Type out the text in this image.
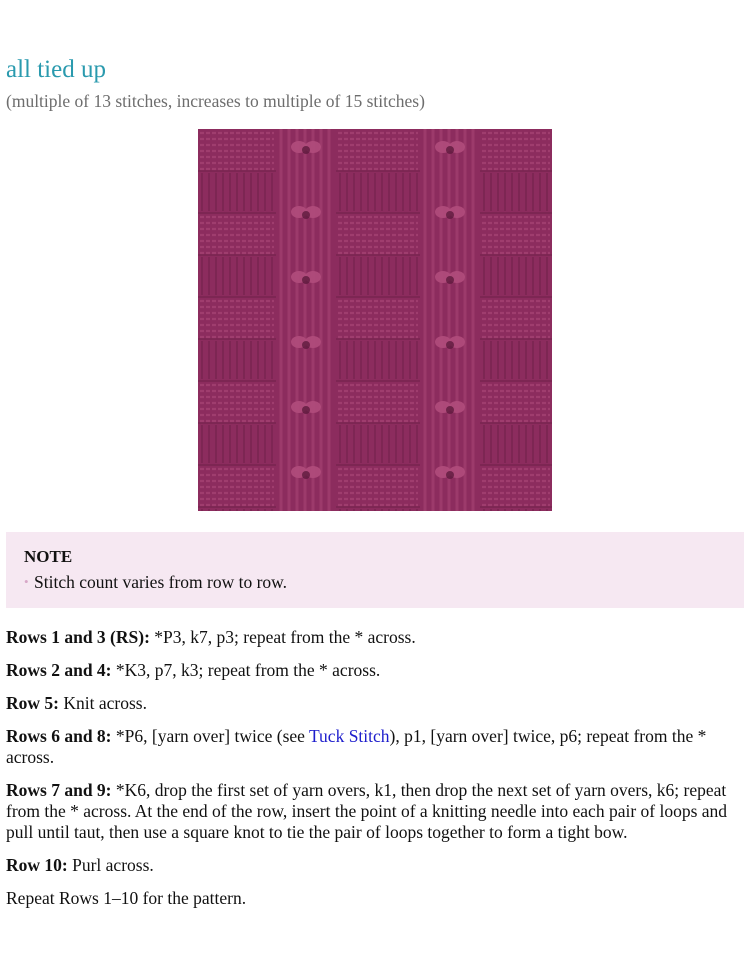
all tied up
(multiple of 13 stitches, increases to multiple of 15 stitches)
NOTE
• Stitch count varies from row to row.

Rows 1 and 3 (RS): *P3, k7, p3; repeat from the * across.

Rows 2 and 4: *K3, p7, k3; repeat from the * across.

Row 5: Knit across.

Rows 6 and 8: *P6, [yarn over] twice (see Tuck Stitch), p1, [yarn over] twice, p6; repeat from the * across.

Rows 7 and 9: *K6, drop the first set of yarn overs, k1, then drop the next set of yarn overs, k6; repeat from the * across. At the end of the row, insert the point of a knitting needle into each pair of loops and pull until taut, then use a square knot to tie the pair of loops together to form a tight bow.

Row 10: Purl across.

Repeat Rows 1–10 for the pattern.
